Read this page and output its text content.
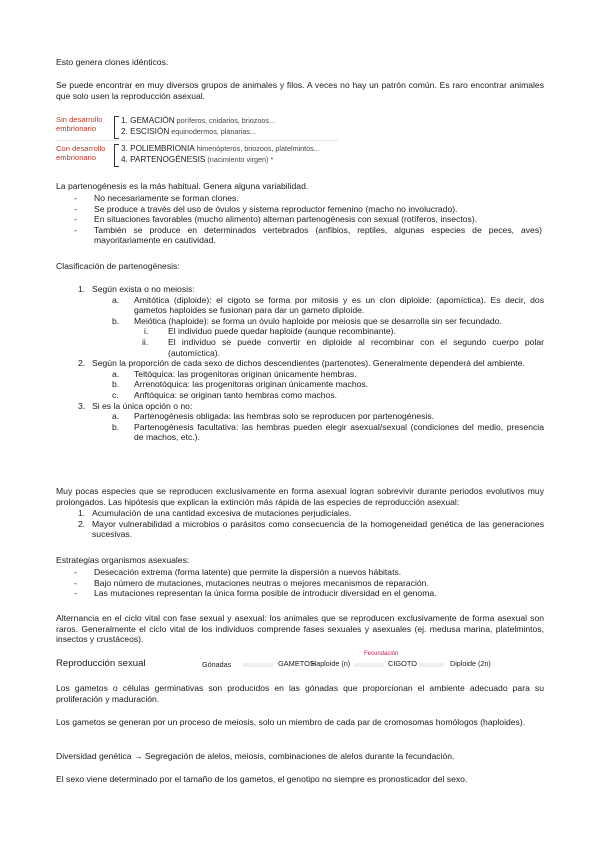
Esto genera clones idénticos.

Se puede encontrar en muy diversos grupos de animales y filos. A veces no hay un patrón común. Es raro encontrar animales que solo usen la reproducción asexual.

Sin desarrollo embrionario
1. GEMACIÓN poríferos, cnidarios, briozoos...
2. ESCISIÓN equinodermos, planarias...
Con desarrollo embrionario
3. POLIEMBRIONIA himenópteros, briozoos, platelmintos...
4. PARTENOGÉNESIS (nacimiento virgen) *

La partenogénesis es la más habitual. Genera alguna variabilidad.

- No necesariamente se forman clones.
- Se produce a través del uso de óvulos y sistema reproductor femenino (macho no involucrado).
- En situaciones favorables (mucho alimento) alternan partenogénesis con sexual (rotíferos, insectos).
- También se produce en determinados vertebrados (anfibios, reptiles, algunas especies de peces, aves) mayoritariamente en cautividad.

Clasificación de partenogénesis:

1. Según exista o no meiosis:
a. Amitótica (diploide): el cigoto se forma por mitosis y es un clon diploide: (apomíctica). Es decir, dos gametos haploides se fusionan para dar un gameto diploide.
b. Meiótica (haploide): se forma un óvulo haploide por meiosis que se desarrolla sin ser fecundado.
i. El individuo puede quedar haploide (aunque recombinante).
ii. El individuo se puede convertir en diploide al recombinar con el segundo cuerpo polar (automíctica).
2. Según la proporción de cada sexo de dichos descendientes (partenotes). Generalmente dependerá del ambiente.
a. Teltóquica: las progenitoras originan únicamente hembras.
b. Arrenotóquica: las progenitoras originan únicamente machos.
c. Anftóquica: se originan tanto hembras como machos.
3. Si es la única opción o no:
a. Partenogénesis obligada: las hembras solo se reproducen por partenogénesis.
b. Partenogénesis facultativa: las hembras pueden elegir asexual/sexual (condiciones del medio, presencia de machos, etc.).

Muy pocas especies que se reproducen exclusivamente en forma asexual logran sobrevivir durante periodos evolutivos muy prolongados. Las hipótesis que explican la extinción más rápida de las especies de reproducción asexual:

1. Acumulación de una cantidad excesiva de mutaciones perjudiciales.
2. Mayor vulnerabilidad a microbios o parásitos como consecuencia de la homogeneidad genética de las generaciones sucesivas.

Estrategias organismos asexuales:

- Desecación extrema (forma latente) que permite la dispersión a nuevos hábitats.
- Bajo número de mutaciones, mutaciones neutras o mejores mecanismos de reparación.
- Las mutaciones representan la única forma posible de introducir diversidad en el genoma.

Alternancia en el ciclo vital con fase sexual y asexual: los animales que se reproducen exclusivamente de forma asexual son raros. Generalmente el ciclo vital de los individuos comprende fases sexuales y asexuales (ej. medusa marina, platelmintos, insectos y crustáceos).

Reproducción sexual	Gónadas	GAMETOS
Haploide (n)
Fecundación
CIGOTO	Diploide (2n)

Los gametos o células germinativas son producidos en las gónadas que proporcionan el ambiente adecuado para su proliferación y maduración.

Los gametos se generan por un proceso de meiosis, solo un miembro de cada par de cromosomas homólogos (haploides).

Diversidad genética → Segregación de alelos, meiosis, combinaciones de alelos durante la fecundación.

El sexo viene determinado por el tamaño de los gametos, el genotipo no siempre es pronosticador del sexo.
